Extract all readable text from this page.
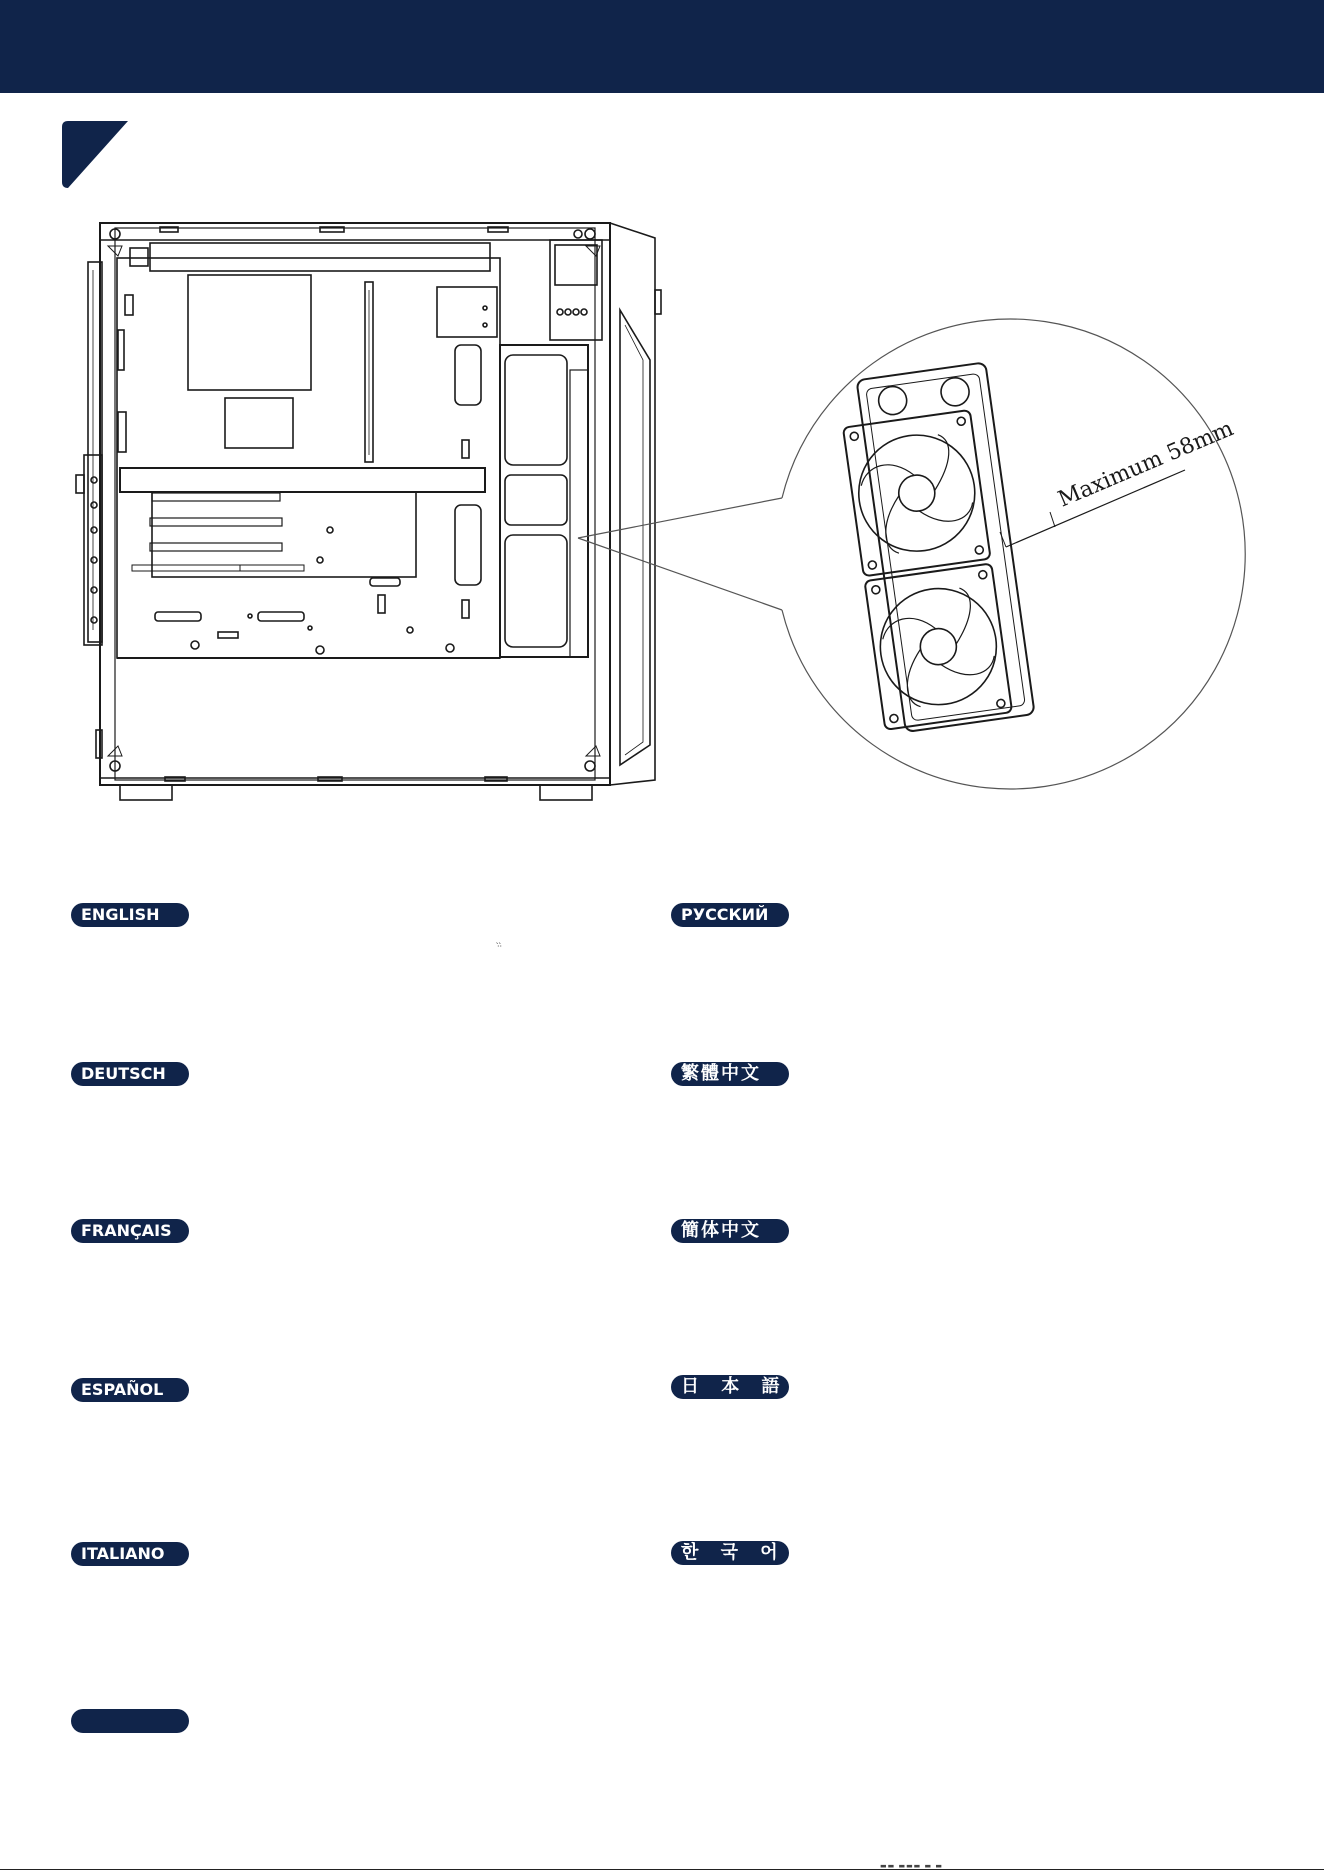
Maximum 58mm
ENGLISH
DEUTSCH
FRANÇAIS
ESPAÑOL
ITALIANO
РУССКИЙ
繁體中文
簡体中文
日 本 語
한 국 어
·̀·̀
▬▬ ▬▬▬ ▬ ▬
